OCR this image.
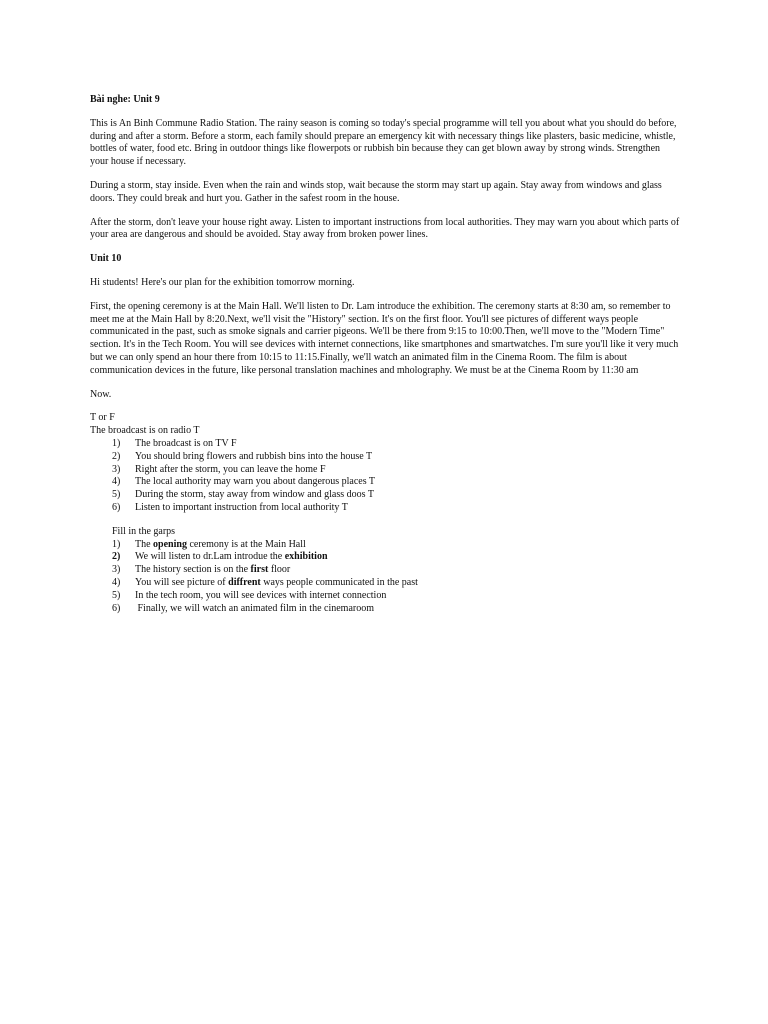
Bài nghe: Unit 9

This is An Binh Commune Radio Station. The rainy season is coming so today's special programme will tell you about what you should do before, during and after a storm. Before a storm, each family should prepare an emergency kit with necessary things like plasters, basic medicine, whistle, bottles of water, food etc. Bring in outdoor things like flowerpots or rubbish bin because they can get blown away by strong winds. Strengthen your house if necessary.

During a storm, stay inside. Even when the rain and winds stop, wait because the storm may start up again. Stay away from windows and glass doors. They could break and hurt you. Gather in the safest room in the house.

After the storm, don't leave your house right away. Listen to important instructions from local authorities. They may warn you about which parts of your area are dangerous and should be avoided. Stay away from broken power lines.

Unit 10

Hi students! Here's our plan for the exhibition tomorrow morning.

First, the opening ceremony is at the Main Hall. We'll listen to Dr. Lam introduce the exhibition. The ceremony starts at 8:30 am, so remember to meet me at the Main Hall by 8:20.Next, we'll visit the "History" section. It's on the first floor. You'll see pictures of different ways people communicated in the past, such as smoke signals and carrier pigeons. We'll be there from 9:15 to 10:00.Then, we'll move to the "Modern Time" section. It's in the Tech Room. You will see devices with internet connections, like smartphones and smartwatches. I'm sure you'll like it very much but we can only spend an hour there from 10:15 to 11:15.Finally, we'll watch an animated film in the Cinema Room. The film is about communication devices in the future, like personal translation machines and mholography. We must be at the Cinema Room by 11:30 am

Now.

T or F

The broadcast is on radio T

1)	The broadcast is on TV F
2)	You should bring flowers and rubbish bins into the house T
3)	Right after the storm, you can leave the home F
4)	The local authority may warn you about dangerous places T
5)	During the storm, stay away from window and glass doos T
6)	Listen to important instruction from local authority T

Fill in the garps

1)	The opening ceremony is at the Main Hall
2)	We will listen to dr.Lam introdue the exhibition
3)	The history section is on the first floor
4)	You will see picture of diffrent ways people communicated in the past
5)	In the tech room, you will see devices with internet connection
6)	Finally, we will watch an animated film in the cinemaroom
